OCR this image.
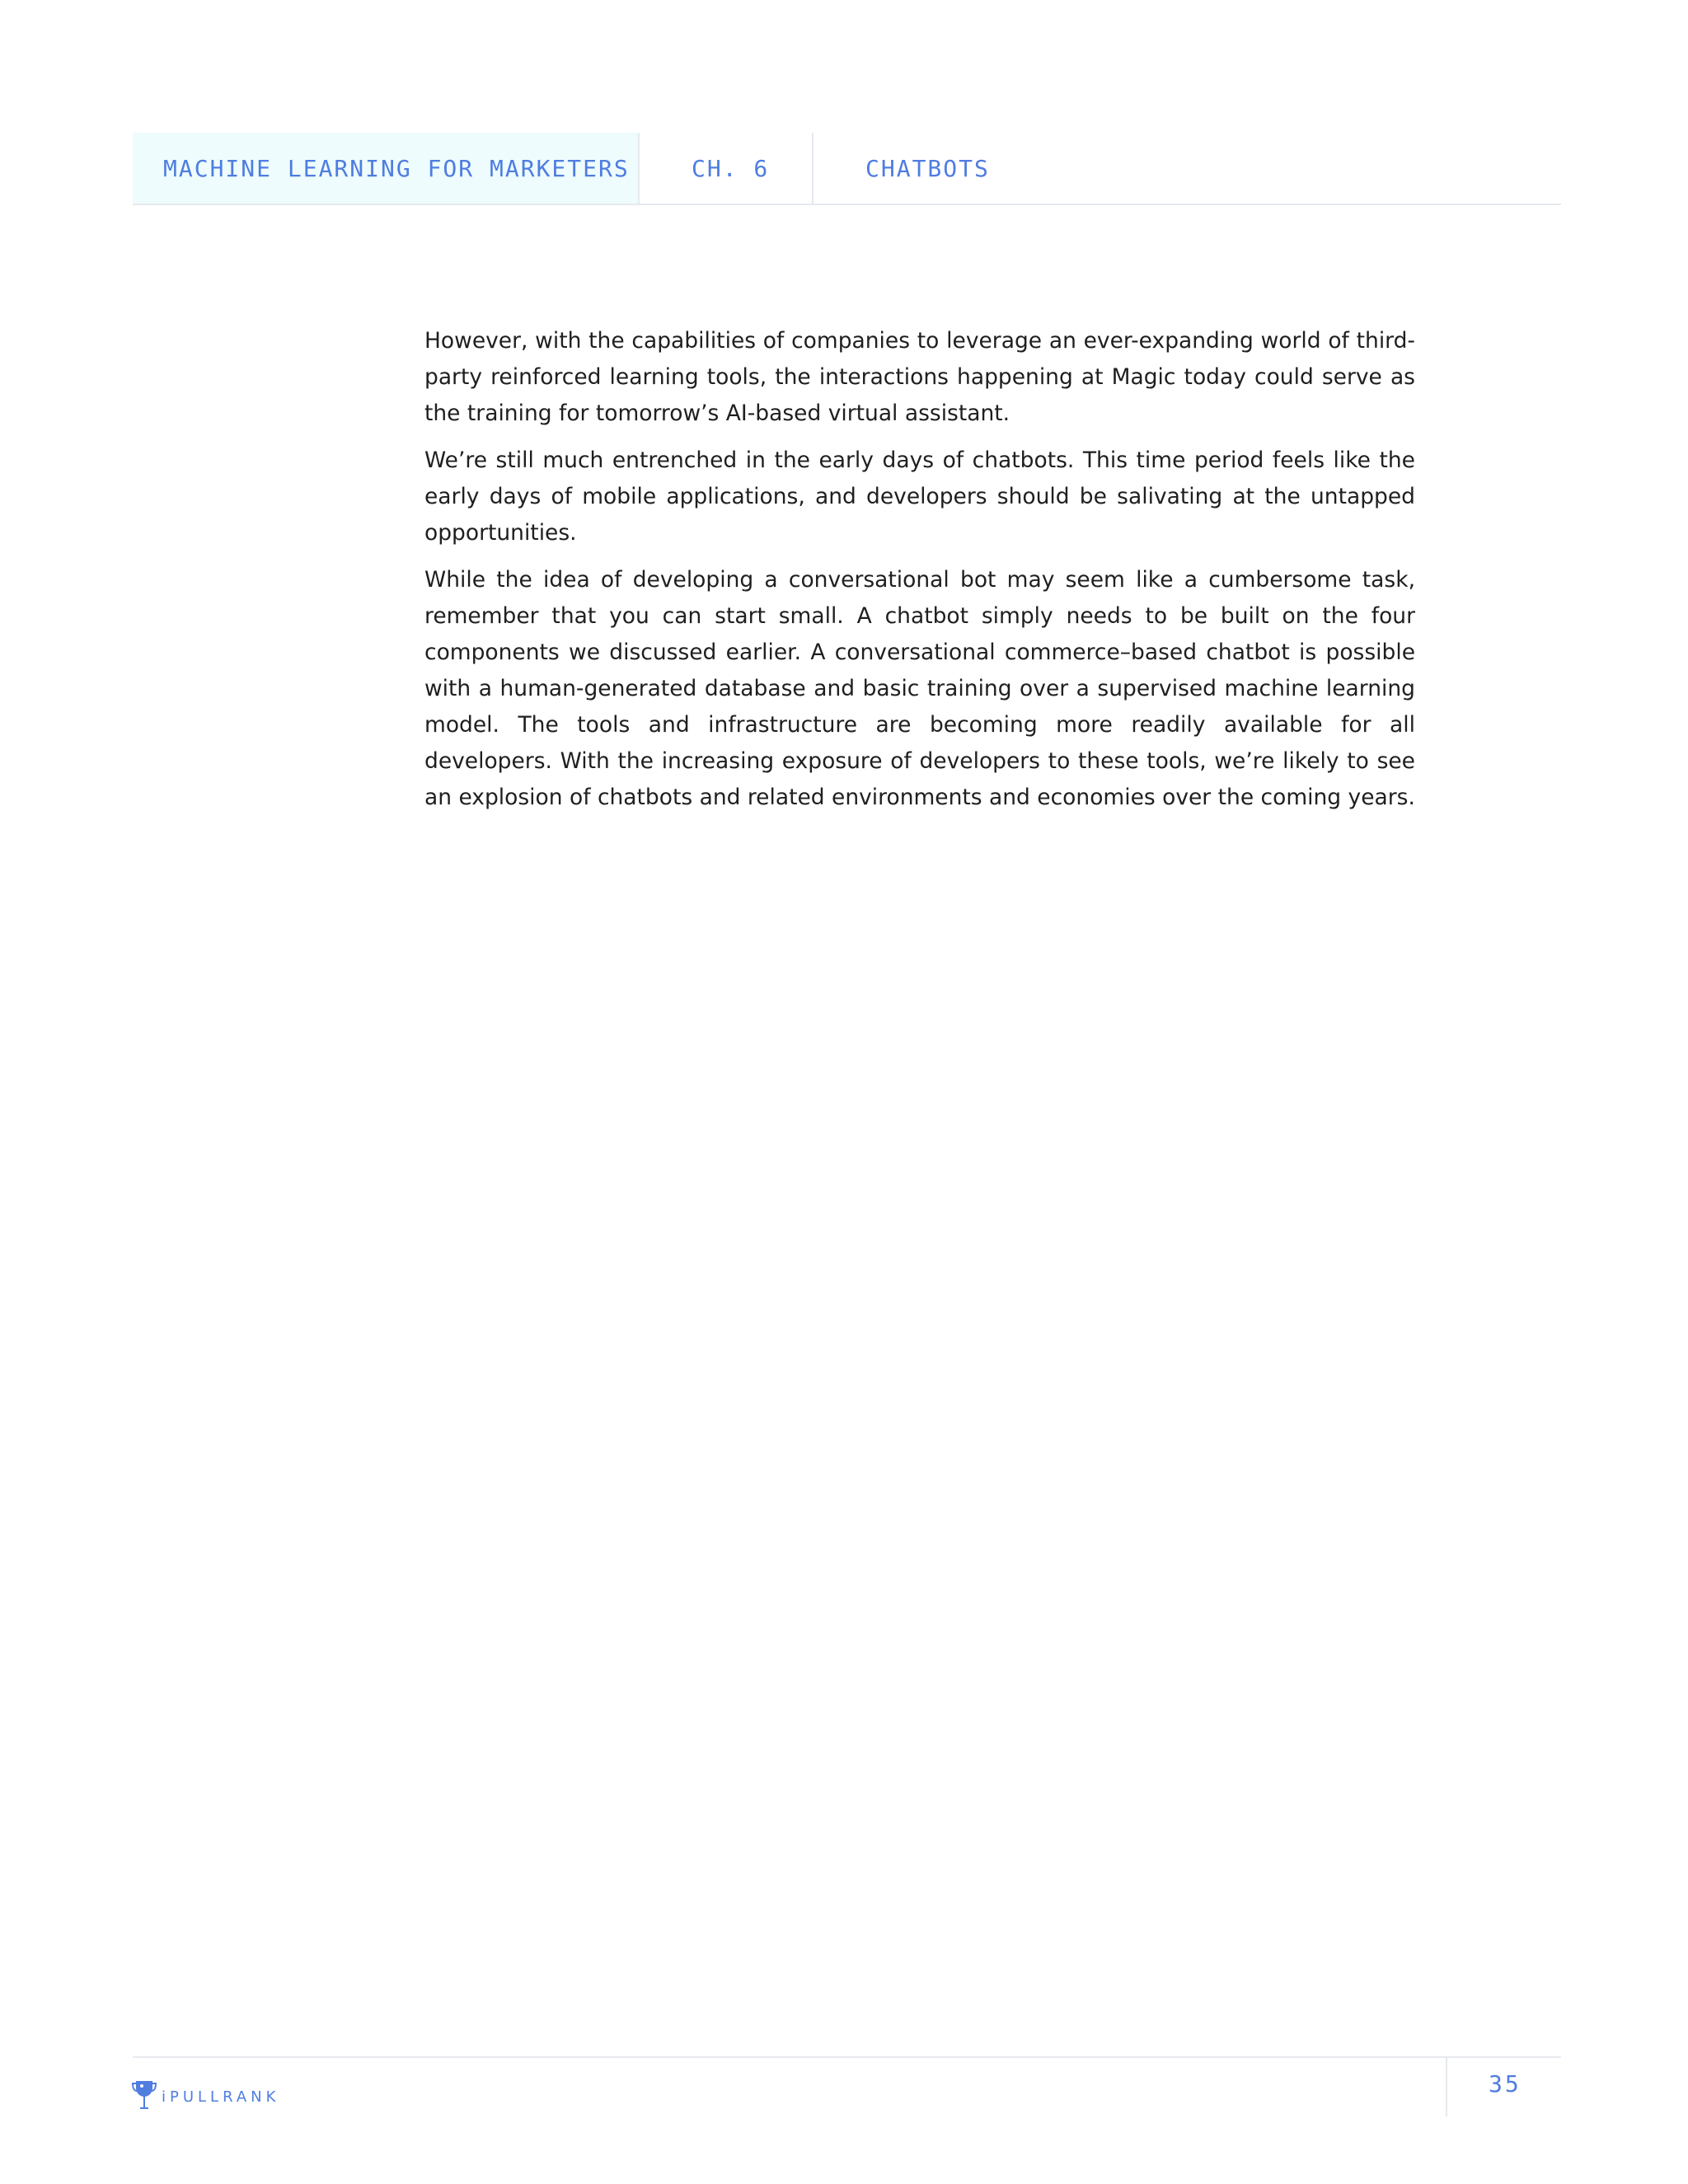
MACHINE LEARNING FOR MARKETERS	CH. 6	CHATBOTS

However, with the capabilities of companies to leverage an ever-expanding world of third-party reinforced learning tools, the interactions happening at Magic today could serve as the training for tomorrow’s AI-based virtual assistant.

We’re still much entrenched in the early days of chatbots. This time period feels like the early days of mobile applications, and developers should be salivating at the untapped opportunities.

While the idea of developing a conversational bot may seem like a cumbersome task, remember that you can start small. A chatbot simply needs to be built on the four components we discussed earlier. A conversational commerce–based chatbot is possible with a human-generated database and basic training over a supervised machine learning model. The tools and infrastructure are becoming more readily available for all developers. With the increasing exposure of developers to these tools, we’re likely to see an explosion of chatbots and related environments and economies over the coming years.

iPULLRANK	35
